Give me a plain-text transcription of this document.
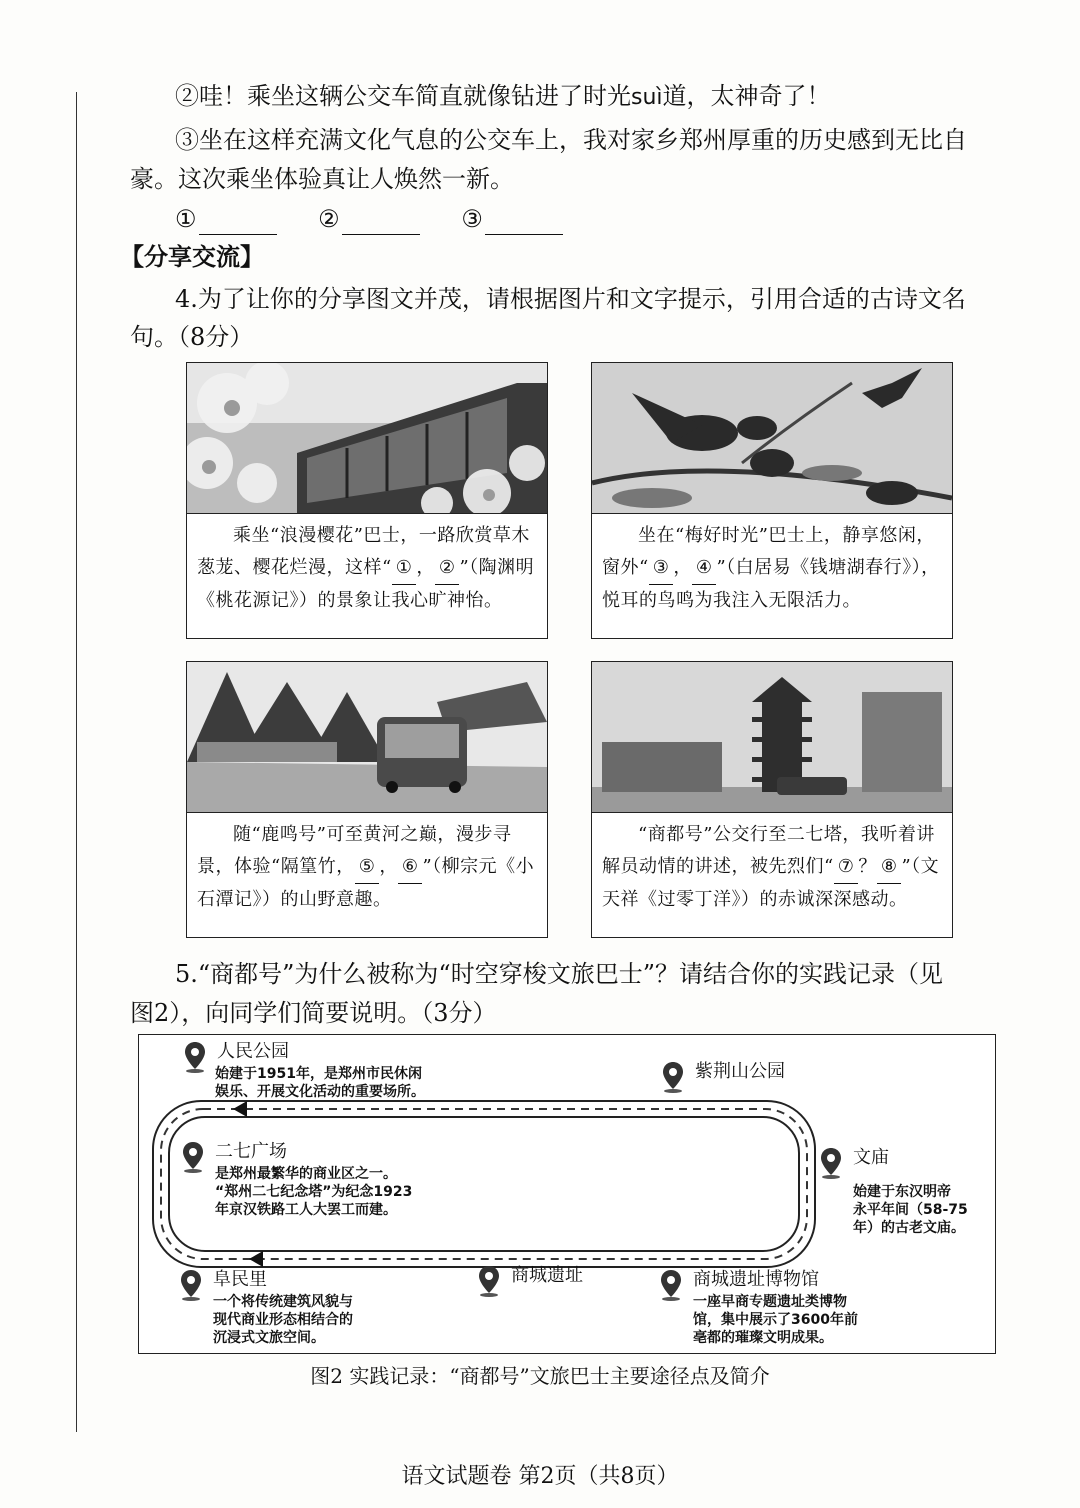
②哇！乘坐这辆公交车简直就像钻进了时光suì道，太神奇了！
③坐在这样充满文化气息的公交车上，我对家乡郑州厚重的历史感到无比自
豪。这次乘坐体验真让人焕然一新。
①	②	③
【分享交流】
4.为了让你的分享图文并茂，请根据图片和文字提示，引用合适的古诗文名
句。（8分）
乘坐“浪漫樱花”巴士，一路欣赏草木葱茏、樱花烂漫，这样“ ① ， ② ”（陶渊明《桃花源记》）的景象让我心旷神怡。
坐在“梅好时光”巴士上，静享悠闲，窗外“ ③ ， ④ ”（白居易《钱塘湖春行》），悦耳的鸟鸣为我注入无限活力。
随“鹿鸣号”可至黄河之巅，漫步寻景，体验“隔篁竹， ⑤ ， ⑥ ”（柳宗元《小石潭记》）的山野意趣。
“商都号”公交行至二七塔，我听着讲解员动情的讲述，被先烈们“ ⑦ ？ ⑧ ”（文天祥《过零丁洋》）的赤诚深深感动。
5.“商都号”为什么被称为“时空穿梭文旅巴士”？请结合你的实践记录（见
图2），向同学们简要说明。（3分）
人民公园
始建于1951年，是郑州市民休闲
娱乐、开展文化活动的重要场所。
紫荆山公园
二七广场
是郑州最繁华的商业区之一。
“郑州二七纪念塔”为纪念1923
年京汉铁路工人大罢工而建。
文庙
始建于东汉明帝
永平年间（58-75
年）的古老文庙。
阜民里
一个将传统建筑风貌与
现代商业形态相结合的
沉浸式文旅空间。
商城遗址	商城遗址博物馆
一座早商专题遗址类博物
馆，集中展示了3600年前
亳都的璀璨文明成果。
图2 实践记录：“商都号”文旅巴士主要途径点及简介
语文试题卷 第2页（共8页）
